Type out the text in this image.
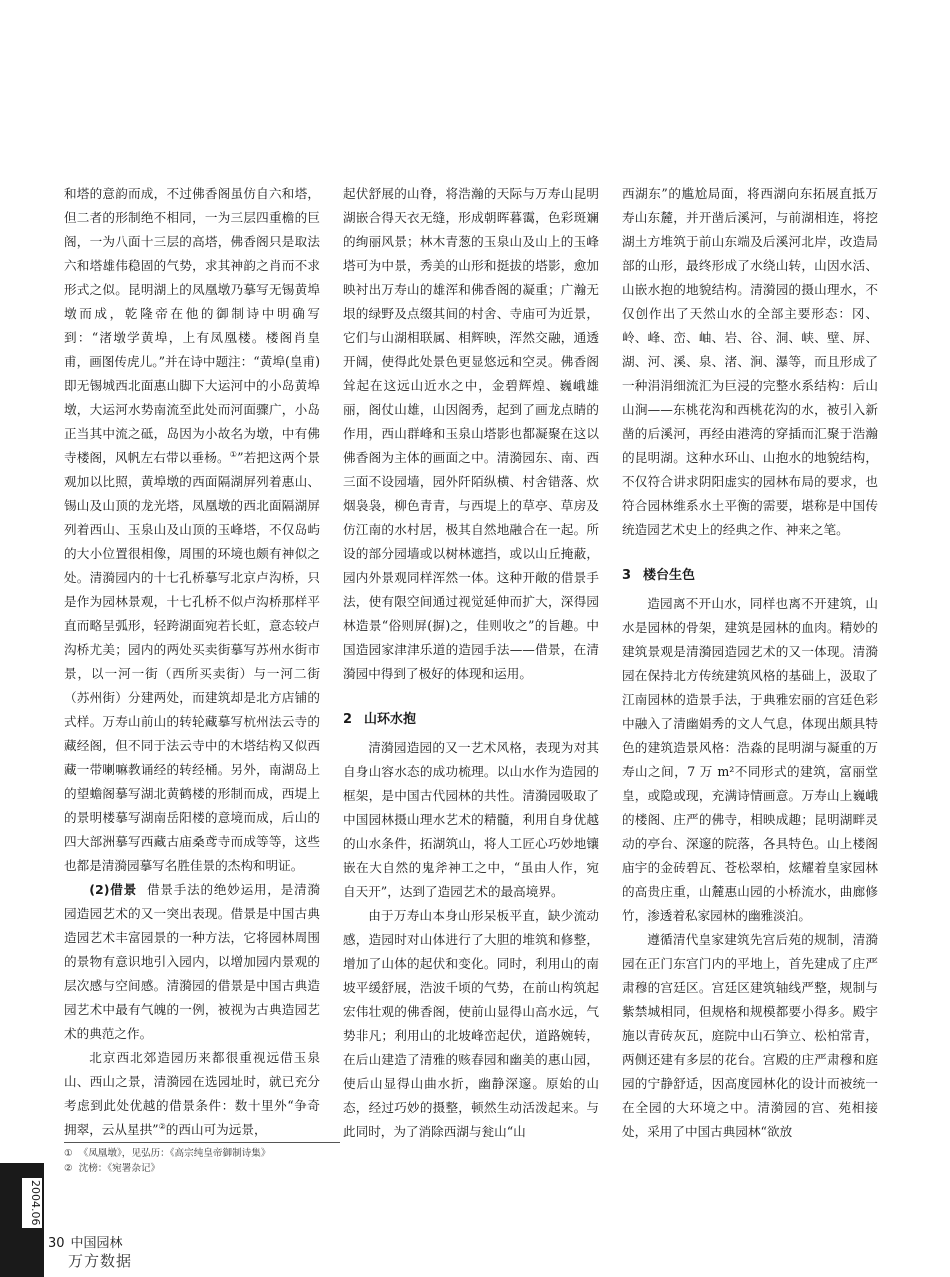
和塔的意韵而成，不过佛香阁虽仿自六和塔，但二者的形制绝不相同，一为三层四重檐的巨阁，一为八面十三层的高塔，佛香阁只是取法六和塔雄伟稳固的气势，求其神韵之肖而不求形式之似。昆明湖上的凤凰墩乃摹写无锡黄埠墩而成，乾隆帝在他的御制诗中明确写到：“渚墩学黄埠，上有凤凰楼。楼阁肖皇甫，画图传虎儿。”并在诗中题注：“黄埠(皇甫)即无锡城西北面惠山脚下大运河中的小岛黄埠墩，大运河水势南流至此处而河面骤广，小岛正当其中流之砥，岛因为小故名为墩，中有佛寺楼阁，风帆左右带以垂杨。①”若把这两个景观加以比照，黄埠墩的西面隔湖屏列着惠山、锡山及山顶的龙光塔，凤凰墩的西北面隔湖屏列着西山、玉泉山及山顶的玉峰塔，不仅岛屿的大小位置很相像，周围的环境也颇有神似之处。清漪园内的十七孔桥摹写北京卢沟桥，只是作为园林景观，十七孔桥不似卢沟桥那样平直而略呈弧形，轻跨湖面宛若长虹，意态较卢沟桥尤美；园内的两处买卖街摹写苏州水街市景，以一河一街（西所买卖街）与一河二街（苏州街）分建两处，而建筑却是北方店铺的式样。万寿山前山的转轮藏摹写杭州法云寺的藏经阁，但不同于法云寺中的木塔结构又似西藏一带喇嘛教诵经的转经桶。另外，南湖岛上的望蟾阁摹写湖北黄鹤楼的形制而成，西堤上的景明楼摹写湖南岳阳楼的意境而成，后山的四大部洲摹写西藏古庙桑鸢寺而成等等，这些也都是清漪园摹写名胜佳景的杰构和明证。

(2)借景 借景手法的绝妙运用，是清漪园造园艺术的又一突出表现。借景是中国古典造园艺术丰富园景的一种方法，它将园林周围的景物有意识地引入园内，以增加园内景观的层次感与空间感。清漪园的借景是中国古典造园艺术中最有气魄的一例，被视为古典造园艺术的典范之作。

北京西北郊造园历来都很重视远借玉泉山、西山之景，清漪园在选园址时，就已充分考虑到此处优越的借景条件：数十里外“争奇拥翠，云从星拱”②的西山可为远景，

起伏舒展的山脊，将浩瀚的天际与万寿山昆明湖嵌合得天衣无缝，形成朝晖暮霭，色彩斑斓的绚丽风景；林木青葱的玉泉山及山上的玉峰塔可为中景，秀美的山形和挺拔的塔影，愈加映衬出万寿山的雄浑和佛香阁的凝重；广瀚无垠的绿野及点缀其间的村舍、寺庙可为近景，它们与山湖相联属、相辉映，浑然交融，通透开阔，使得此处景色更显悠远和空灵。佛香阁耸起在这远山近水之中，金碧辉煌、巍峨雄丽，阁仗山雄，山因阁秀，起到了画龙点睛的作用，西山群峰和玉泉山塔影也都凝聚在这以佛香阁为主体的画面之中。清漪园东、南、西三面不设园墙，园外阡陌纵横、村舍错落、炊烟袅袅，柳色青青，与西堤上的草亭、草房及仿江南的水村居，极其自然地融合在一起。所设的部分园墙或以树林遮挡，或以山丘掩蔽，园内外景观同样浑然一体。这种开敞的借景手法，使有限空间通过视觉延伸而扩大，深得园林造景“俗则屏(摒)之，佳则收之”的旨趣。中国造园家津津乐道的造园手法——借景，在清漪园中得到了极好的体现和运用。

2 山环水抱

清漪园造园的又一艺术风格，表现为对其自身山容水态的成功梳理。以山水作为造园的框架，是中国古代园林的共性。清漪园吸取了中国园林摄山理水艺术的精髓，利用自身优越的山水条件，拓湖筑山，将人工匠心巧妙地镶嵌在大自然的鬼斧神工之中，“虽由人作，宛自天开”，达到了造园艺术的最高境界。

由于万寿山本身山形呆板平直，缺少流动感，造园时对山体进行了大胆的堆筑和修整，增加了山体的起伏和变化。同时，利用山的南坡平缓舒展，浩波千顷的气势，在前山构筑起宏伟壮观的佛香阁，使前山显得山高水远，气势非凡；利用山的北坡峰峦起伏，道路婉转，在后山建造了清雅的赅春园和幽美的惠山园，使后山显得山曲水折，幽静深邃。原始的山态，经过巧妙的摄整，顿然生动活泼起来。与此同时，为了消除西湖与瓮山“山

西湖东”的尴尬局面，将西湖向东拓展直抵万寿山东麓，并开凿后溪河，与前湖相连，将挖湖土方堆筑于前山东端及后溪河北岸，改造局部的山形，最终形成了水绕山转，山因水活、山嵌水抱的地貌结构。清漪园的摄山理水，不仅创作出了天然山水的全部主要形态：冈、岭、峰、峦、岫、岩、谷、洞、峡、壁、屏、湖、河、溪、泉、渚、涧、瀑等，而且形成了一种涓涓细流汇为巨浸的完整水系结构：后山山涧——东桃花沟和西桃花沟的水，被引入新凿的后溪河，再经由港湾的穿插而汇聚于浩瀚的昆明湖。这种水环山、山抱水的地貌结构，不仅符合讲求阴阳虚实的园林布局的要求，也符合园林维系水土平衡的需要，堪称是中国传统造园艺术史上的经典之作、神来之笔。

3 楼台生色

造园离不开山水，同样也离不开建筑，山水是园林的骨架，建筑是园林的血肉。精妙的建筑景观是清漪园造园艺术的又一体现。清漪园在保持北方传统建筑风格的基础上，汲取了江南园林的造景手法，于典雅宏丽的宫廷色彩中融入了清幽娟秀的文人气息，体现出颇具特色的建筑造景风格：浩淼的昆明湖与凝重的万寿山之间，7 万 m²不同形式的建筑，富丽堂皇，或隐或现，充满诗情画意。万寿山上巍峨的楼阁、庄严的佛寺，相映成趣；昆明湖畔灵动的亭台、深邃的院落，各具特色。山上楼阁庙宇的金砖碧瓦、苍松翠柏，炫耀着皇家园林的高贵庄重，山麓惠山园的小桥流水，曲廊修竹，渗透着私家园林的幽雅淡泊。

遵循清代皇家建筑先宫后苑的规制，清漪园在正门东宫门内的平地上，首先建成了庄严肃穆的宫廷区。宫廷区建筑轴线严整，规制与紫禁城相同，但规格和规模都要小得多。殿宇施以青砖灰瓦，庭院中山石笋立、松柏常青，两侧还建有多层的花台。宫殿的庄严肃穆和庭园的宁静舒适，因高度园林化的设计而被统一在全园的大环境之中。清漪园的宫、苑相接处，采用了中国古典园林“欲放

① 《凤凰墩》，见弘历：《高宗纯皇帝御制诗集》
② 沈榜：《宛署杂记》
2004.06
30 中国园林
万方数据
